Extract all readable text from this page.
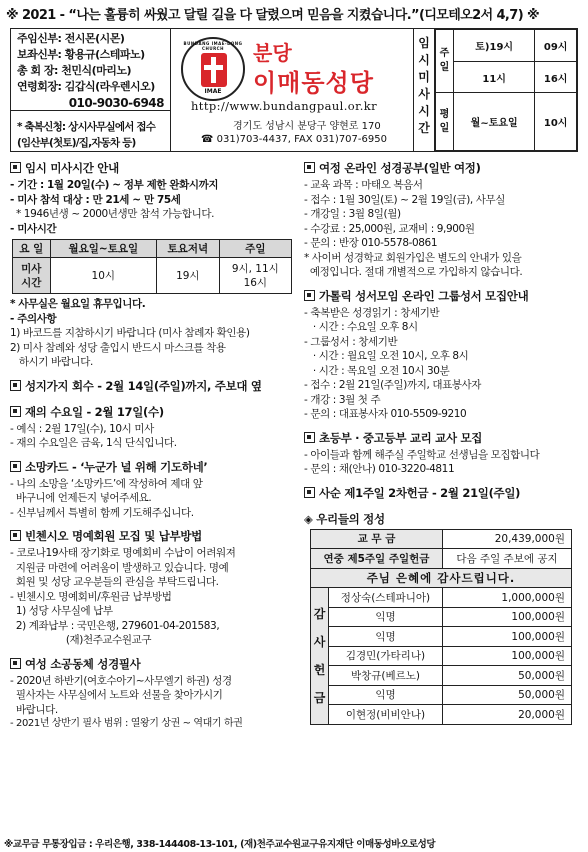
※ 2021 - “나는 훌륭히 싸웠고 달릴 길을 다 달렸으며 믿음을 지켰습니다.”(디모테오2서 4,7) ※
주임신부: 전시몬(시몬)
보좌신부: 황용규(스테파노)
총 회 장: 천민식(마리노)
연령회장: 김갑식(라우렌시오)
010-9030-6948
* 축복신청: 상시사무실에서 접수
(임산부(첫토)/집,자동차 등)
BUNDANG IMAE-DONG CHURCH
IMAE
분당
이매동성당
http://www.bundangpaul.or.kr
경기도 성남시 분당구 양현로 170
☎ 031)703-4437, FAX 031)707-6950
임
시
미
사
시
간
주
일	토)19시	09시
	11시	16시
평
일	월~토요일	10시
임시 미사시간 안내
- 기간 : 1월 20일(수) ~ 정부 제한 완화시까지
- 미사 참석 대상 : 만 21세 ~ 만 75세
* 1946년생 ~ 2000년생만 참석 가능합니다.
- 미사시간
요 일	월요일~토요일	토요저녁	주일
미사
시간	10시	19시	9시, 11시
16시
* 사무실은 월요일 휴무입니다.
- 주의사항
1) 바코드를 지참하시기 바랍니다 (미사 참례자 확인용)
2) 미사 참례와 성당 출입시 반드시 마스크를 착용
하시기 바랍니다.
성지가지 회수 - 2월 14일(주일)까지, 주보대 옆
재의 수요일 - 2월 17일(수)
- 예식 : 2월 17일(수), 10시 미사
- 재의 수요일은 금육, 1식 단식입니다.
소망카드 - ‘누군가 널 위해 기도하네’
- 나의 소망을 ‘소망카드’에 작성하여 제대 앞
바구니에 언제든지 넣어주세요.
- 신부님께서 특별히 함께 기도해주십니다.
빈첸시오 명예회원 모집 및 납부방법
- 코로나19사태 장기화로 명예회비 수납이 어려워져
지원금 마련에 어려움이 발생하고 있습니다. 명예
회원 및 성당 교우분들의 관심을 부탁드립니다.
- 빈첸시오 명예회비/후원금 납부방법
1) 성당 사무실에 납부
2) 계좌납부 : 국민은행, 279601-04-201583,
(재)천주교수원교구
여성 소공동체 성경필사
- 2020년 하반기(여호수아기~사무엘기 하권) 성경
필사자는 사무실에서 노트와 선물을 찾아가시기
바랍니다.
- 2021년 상반기 필사 범위 : 열왕기 상권 ~ 역대기 하권
여정 온라인 성경공부(일반 여정)
- 교육 과목 : 마태오 복음서
- 접수 : 1월 30일(토) ~ 2월 19일(금), 사무실
- 개강일 : 3월 8일(월)
- 수강료 : 25,000원, 교재비 : 9,900원
- 문의 : 반장 010-5578-0861
* 사이버 성경학교 회원가입은 별도의 안내가 있을
예정입니다. 절대 개별적으로 가입하지 않습니다.
가톨릭 성서모임 온라인 그룹성서 모집안내
- 축복받은 성경읽기 : 창세기반
· 시간 : 수요일 오후 8시
- 그룹성서 : 창세기반
· 시간 : 월요일 오전 10시, 오후 8시
· 시간 : 목요일 오전 10시 30분
- 접수 : 2월 21일(주일)까지, 대표봉사자
- 개강 : 3월 첫 주
- 문의 : 대표봉사자 010-5509-9210
초등부 · 중고등부 교리 교사 모집
- 아이들과 함께 해주실 주일학교 선생님을 모집합니다
- 문의 : 채(안나) 010-3220-4811
사순 제1주일 2차헌금 - 2월 21일(주일)
◈ 우리들의 정성
교 무 금		20,439,000원
연중 제5주일 주일헌금		다음 주일 주보에 공지
주님 은혜에 감사드립니다.		
감
사
헌
금	정상숙(스테파니아)	1,000,000원
	익명	100,000원
	익명	100,000원
	김경민(가타리나)	100,000원
	박창규(베르노)	50,000원
	익명	50,000원
	이현정(비비안나)	20,000원
※교무금 무통장입금 : 우리은행, 338-144408-13-101, (재)천주교수원교구유지재단 이매동성바오로성당
